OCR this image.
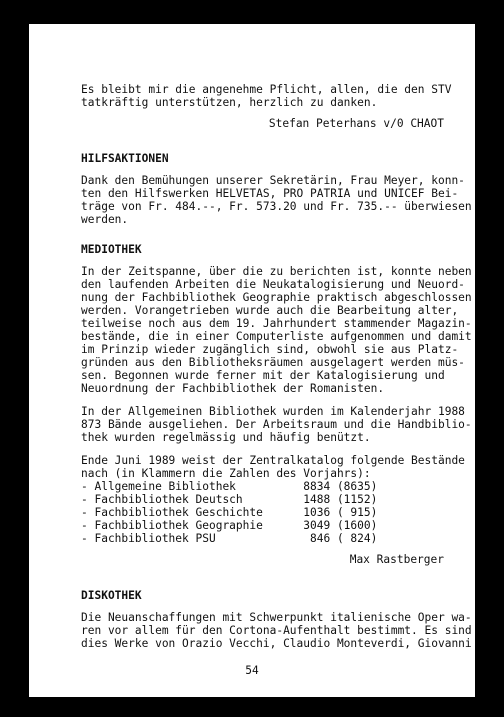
Es bleibt mir die angenehme Pflicht, allen, die den STV
tatkräftig unterstützen, herzlich zu danken.
Stefan Peterhans v/0 CHAOT
HILFSAKTIONEN
Dank den Bemühungen unserer Sekretärin, Frau Meyer, konn-
ten den Hilfswerken HELVETAS, PRO PATRIA und UNICEF Bei-
träge von Fr. 484.--, Fr. 573.20 und Fr. 735.-- überwiesen
werden.
MEDIOTHEK
In der Zeitspanne, über die zu berichten ist, konnte neben
den laufenden Arbeiten die Neukatalogisierung und Neuord-
nung der Fachbibliothek Geographie praktisch abgeschlossen
werden. Vorangetrieben wurde auch die Bearbeitung alter,
teilweise noch aus dem 19. Jahrhundert stammender Magazin-
bestände, die in einer Computerliste aufgenommen und damit
im Prinzip wieder zugänglich sind, obwohl sie aus Platz-
gründen aus den Bibliotheksräumen ausgelagert werden müs-
sen. Begonnen wurde ferner mit der Katalogisierung und
Neuordnung der Fachbibliothek der Romanisten.
In der Allgemeinen Bibliothek wurden im Kalenderjahr 1988
873 Bände ausgeliehen. Der Arbeitsraum und die Handbiblio-
thek wurden regelmässig und häufig benützt.
Ende Juni 1989 weist der Zentralkatalog folgende Bestände
nach (in Klammern die Zahlen des Vorjahrs):
- Allgemeine Bibliothek          8834 (8635)
- Fachbibliothek Deutsch         1488 (1152)
- Fachbibliothek Geschichte      1036 ( 915)
- Fachbibliothek Geographie      3049 (1600)
- Fachbibliothek PSU              846 ( 824)
Max Rastberger
DISKOTHEK
Die Neuanschaffungen mit Schwerpunkt italienische Oper wa-
ren vor allem für den Cortona-Aufenthalt bestimmt. Es sind
dies Werke von Orazio Vecchi, Claudio Monteverdi, Giovanni
54
